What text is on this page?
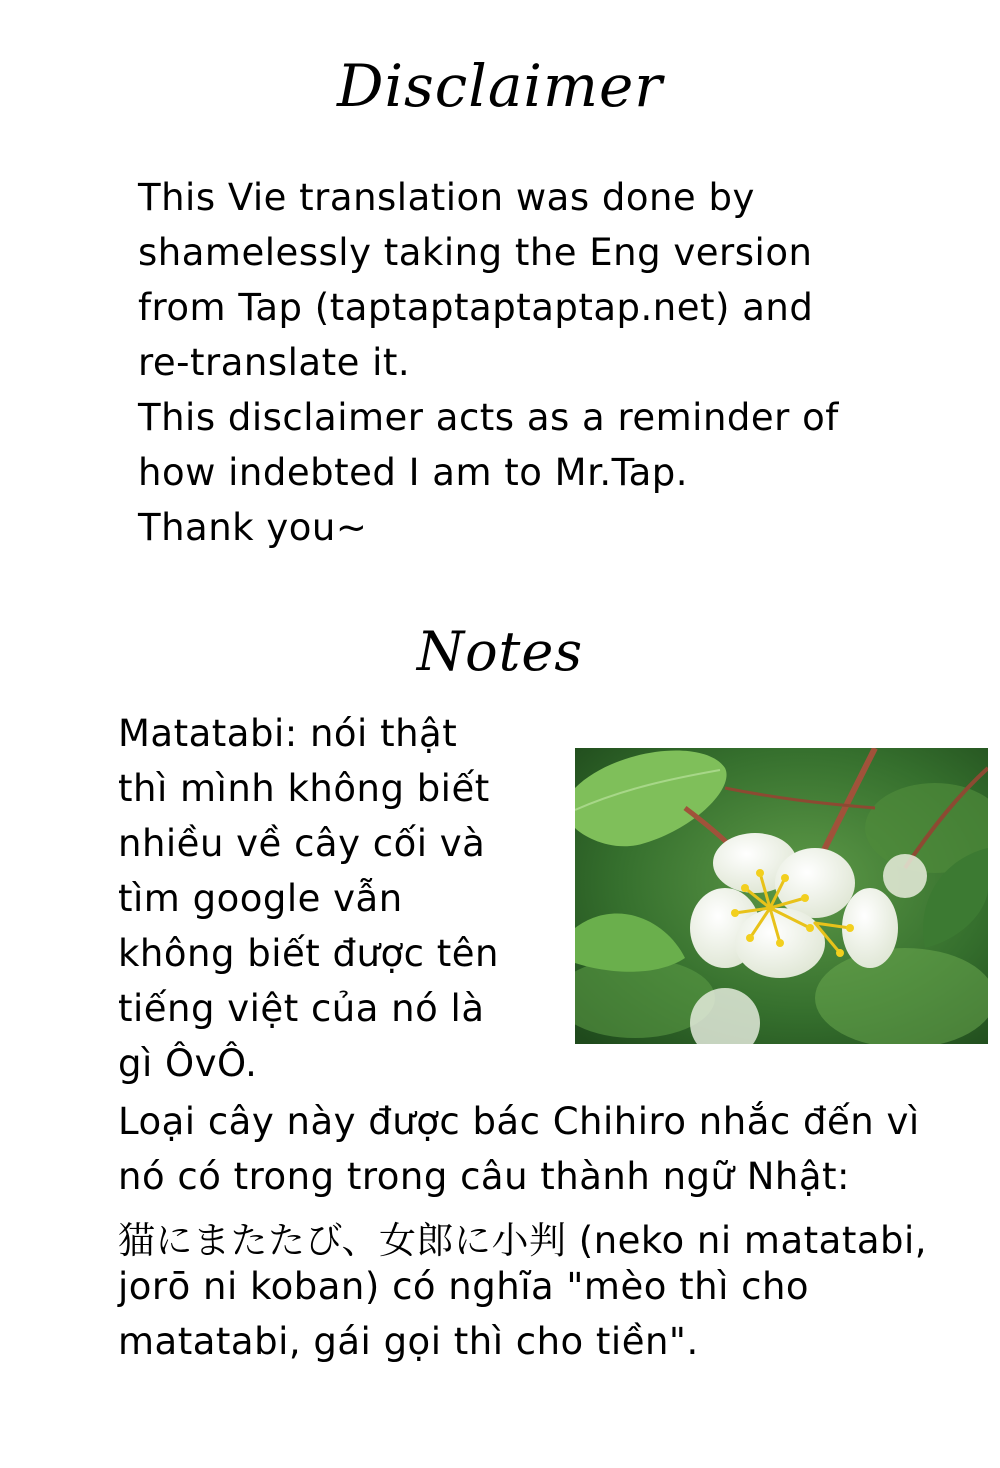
Disclaimer
This Vie translation was done by
shamelessly taking the Eng version
from Tap (taptaptaptaptap.net) and
re-translate it.
This disclaimer acts as a reminder of
how indebted I am to Mr.Tap.
Thank you~
Notes
Matatabi: nói thật
thì mình không biết
nhiều về cây cối và
tìm google vẫn
không biết được tên
tiếng việt của nó là
gì ÔvÔ.
Loại cây này được bác Chihiro nhắc đến vì
nó có trong trong câu thành ngữ Nhật:
猫にまたたび、女郎に小判 (neko ni matatabi,
jorō ni koban) có nghĩa "mèo thì cho
matatabi, gái gọi thì cho tiền".
